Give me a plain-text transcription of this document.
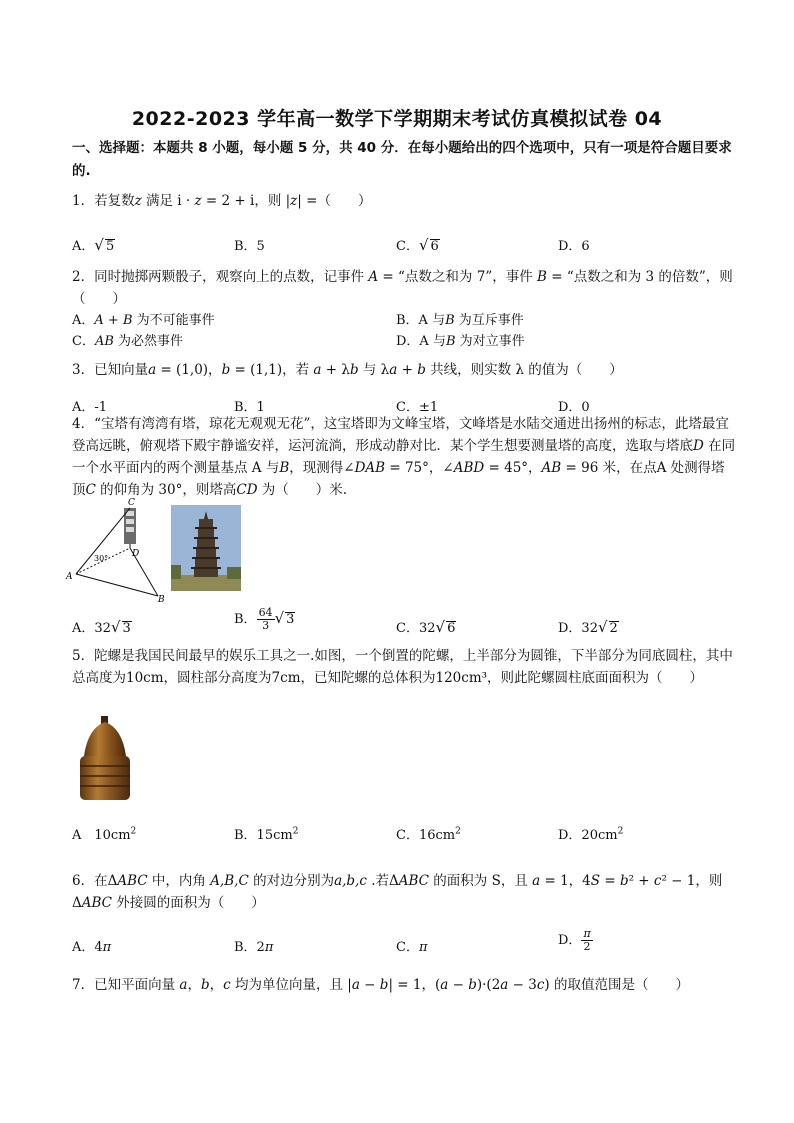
2022-2023 学年高一数学下学期期末考试仿真模拟试卷 04
一、选择题：本题共 8 小题，每小题 5 分，共 40 分．在每小题给出的四个选项中，只有一项是符合题目要求的.
1．若复数z 满足 i · z = 2 + i，则 |z| =（　　）
A．√ 5	B．5	C．√ 6	D．6
2．同时抛掷两颗骰子，观察向上的点数，记事件 A = “点数之和为 7”，事件 B = “点数之和为 3 的倍数”，则（　　）
A．A + B 为不可能事件	B．A 与B 为互斥事件
C．AB 为必然事件	D．A 与B 为对立事件
3．已知向量a = (1,0)，b = (1,1)，若 a + λb 与 λa + b 共线，则实数 λ 的值为（　　）
A．-1	B．1	C．±1	D．0
4．“宝塔有湾湾有塔，琼花无观观无花”，这宝塔即为文峰宝塔，文峰塔是水陆交通进出扬州的标志，此塔最宜登高远眺，俯观塔下殿宇静谧安祥，运河流淌，形成动静对比．某个学生想要测量塔的高度，选取与塔底D 在同一个水平面内的两个测量基点 A 与B，现测得∠DAB = 75°，∠ABD = 45°，AB = 96 米，在点A 处测得塔顶C 的仰角为 30°，则塔高CD 为（　　）米.
C
D
30°
A
B
A．32√ 3
B． $\frac{64}{3}$ √ 3
C．32√ 6	D．32√ 2
5．陀螺是我国民间最早的娱乐工具之一.如图，一个倒置的陀螺，上半部分为圆锥，下半部分为同底圆柱，其中总高度为10cm，圆柱部分高度为7cm，已知陀螺的总体积为120cm³，则此陀螺圆柱底面面积为（　　）
A　$10cm^2$	B．$15cm^2$	C．$16cm^2$	D．$20cm^2$
6．在ΔABC 中，内角 A,B,C 的对边分别为a,b,c .若ΔABC 的面积为 S，且 a = 1，4S = b² + c² − 1，则ΔABC 外接圆的面积为（　　）
A．4π	B．2π	C．π	D． $\frac{\pi}{2}$
7．已知平面向量 a，b，c 均为单位向量，且 |a − b| = 1，(a − b)·(2a − 3c) 的取值范围是（　　）
